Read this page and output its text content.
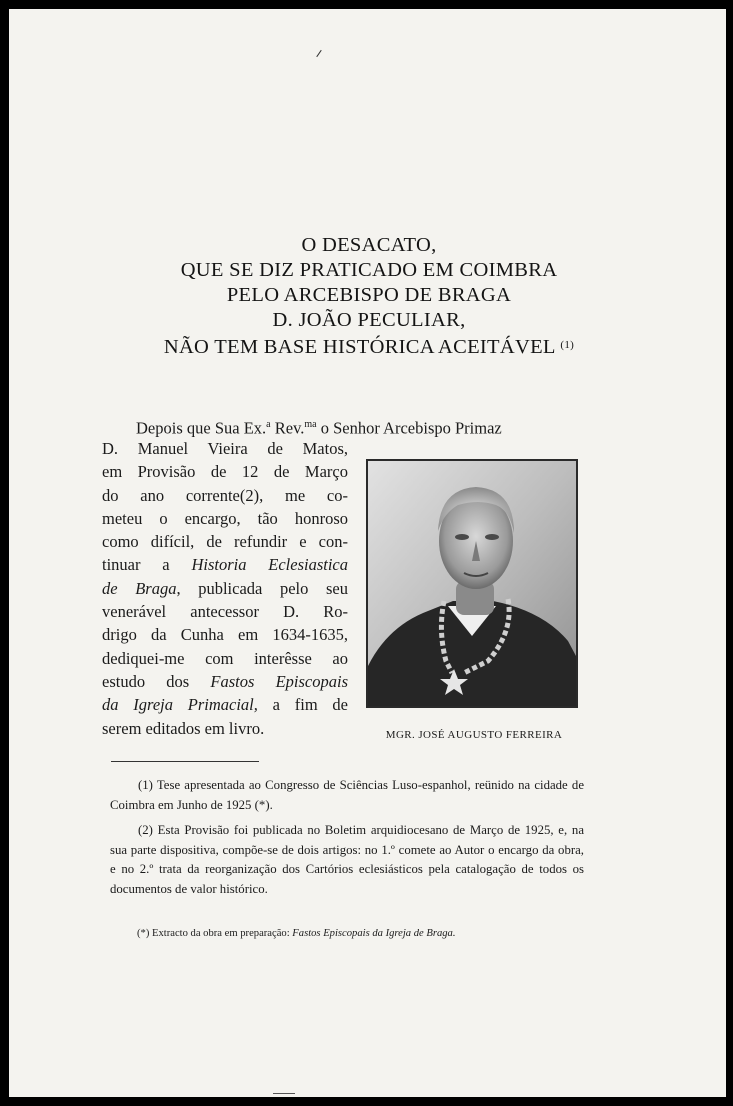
O DESACATO,
QUE SE DIZ PRATICADO EM COIMBRA
PELO ARCEBISPO DE BRAGA
D. JOÃO PECULIAR,
NÃO TEM BASE HISTÓRICA ACEITÁVEL $^{(1)}$
Depois que Sua Ex.$^a$ Rev.$^{ma}$ o Senhor Arcebispo Primaz
D. Manuel Vieira de Matos,
em Provisão de 12 de Março
do ano corrente(2), me co-
meteu o encargo, tão honroso
como difícil, de refundir e con-
tinuar a Historia Eclesiastica
de Braga, publicada pelo seu
venerável antecessor D. Ro-
drigo da Cunha em 1634-1635,
dediquei-me com interêsse ao
estudo dos Fastos Episcopais
da Igreja Primacial, a fim de
serem editados em livro.	MGR. JOSÉ AUGUSTO FERREIRA

(1) Tese apresentada ao Congresso de Sciências Luso-espanhol, reünido na cidade de Coimbra em Junho de 1925 (*).

(2) Esta Provisão foi publicada no Boletim arquidiocesano de Março de 1925, e, na sua parte dispositiva, compõe-se de dois artigos: no 1.º comete ao Autor o encargo da obra, e no 2.º trata da reorganização dos Cartórios eclesiásticos pela catalogação de todos os documentos de valor histórico.

(*) Extracto da obra em preparação: Fastos Episcopais da Igreja de Braga.
